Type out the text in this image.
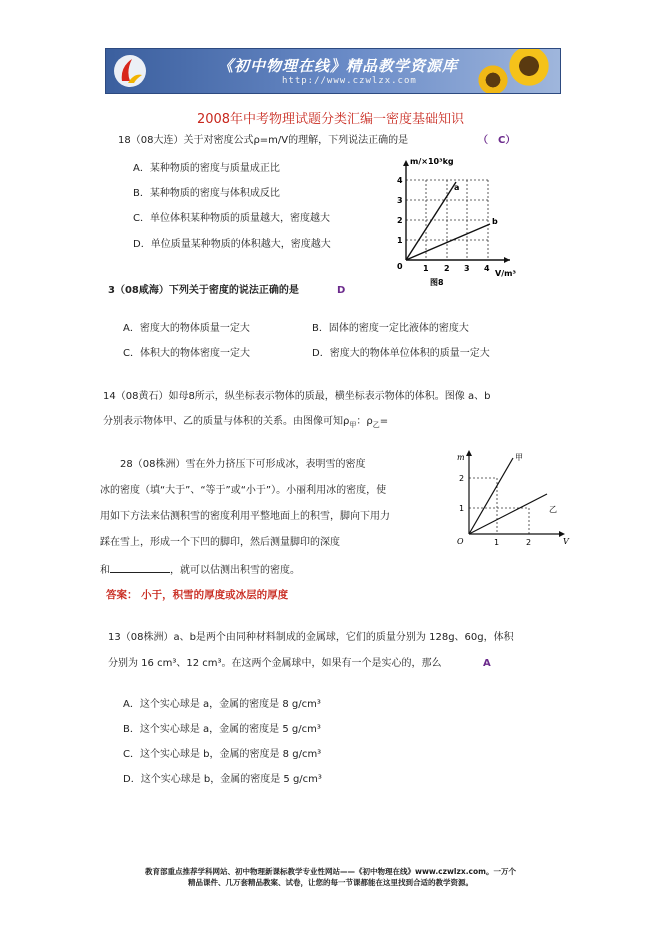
《初中物理在线》精品教学资源库
http://www.czwlzx.com
2008年中考物理试题分类汇编一密度基础知识
18（08大连）关于对密度公式ρ=m/V的理解，下列说法正确的是	（　C）
A．某种物质的密度与质量成正比
B．某种物质的密度与体积成反比
C．单位体积某种物质的质量越大，密度越大
D．单位质量某种物质的体积越大，密度越大
m/×10³kg
V/m³
0
1
2
3
4
1 2 3 4
a
b
图8
3（08咸海）下列关于密度的说法正确的是	D
A．密度大的物体质量一定大	B．固体的密度一定比液体的密度大
C．体积大的物体密度一定大	D．密度大的物体单位体积的质量一定大
14（08黄石）如母8所示，纵坐标表示物体的质最，横坐标表示物体的体积。图像 a、b
分别表示物体甲、乙的质量与体积的关系。由图像可知$\rho_甲$：$\rho_乙=$
28（08株洲）雪在外力挤压下可形成冰，表明雪的密度
冰的密度（填“大于”、“等于”或“小于”）。小丽利用冰的密度，使
用如下方法来估测积雪的密度利用平整地面上的积雪，脚向下用力
踩在雪上，形成一个下凹的脚印，然后测量脚印的深度
和	，就可以估测出积雪的密度。
答案： 小于，积雪的厚度或冰层的厚度
m
V
O
1
2
1	2
甲
乙
13（08株洲）a、b是两个由同种材料制成的金属球，它们的质量分别为 128g、60g，体积
分别为 16 cm³、12 cm³。在这两个金属球中，如果有一个是实心的，那么	A
A．这个实心球是 a，金属的密度是 8 g/cm³
B．这个实心球是 a，金属的密度是 5 g/cm³
C．这个实心球是 b，金属的密度是 8 g/cm³
D．这个实心球是 b，金属的密度是 5 g/cm³
教育部重点推荐学科网站、初中物理新课标教学专业性网站——《初中物理在线》www.czwlzx.com。一万个
精品课件、几万套精品教案、试卷，让您的每一节课都能在这里找到合适的教学资源。
